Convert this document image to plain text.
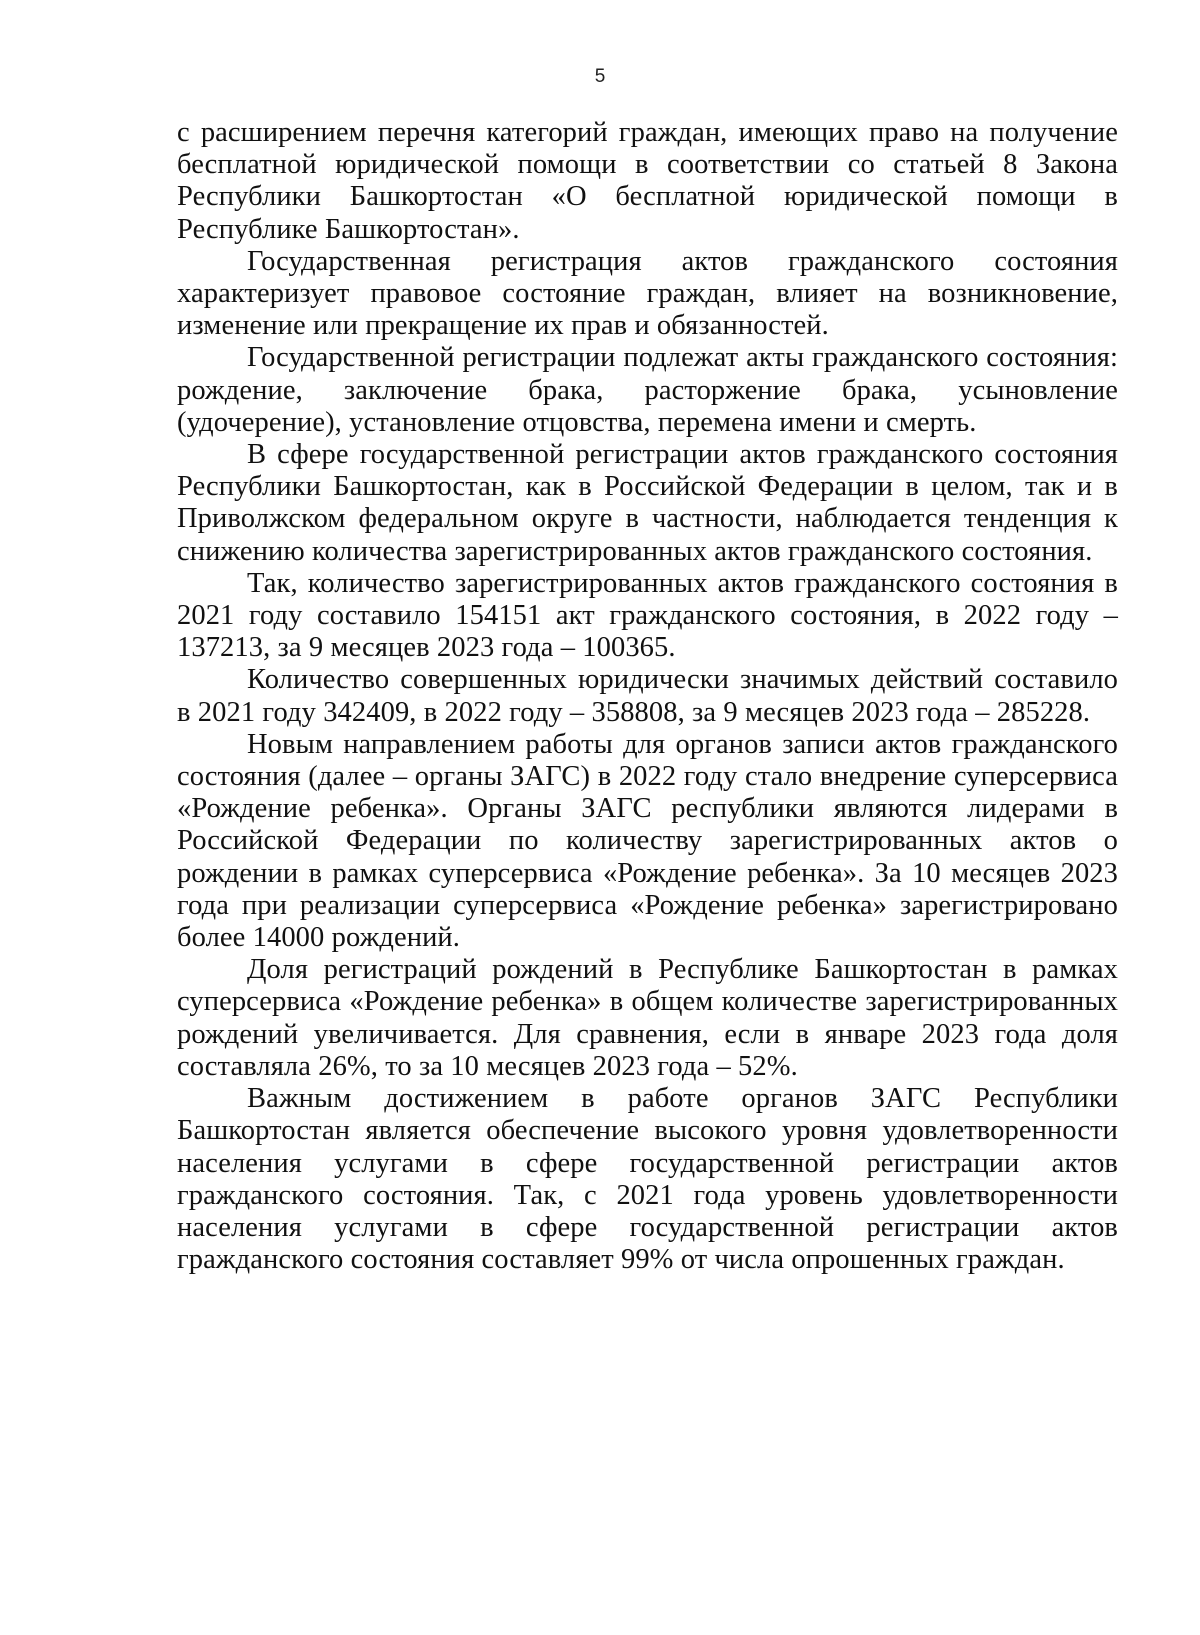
5

с расширением перечня категорий граждан, имеющих право на получение бесплатной юридической помощи в соответствии со статьей 8 Закона Республики Башкортостан «О бесплатной юридической помощи в Республике Башкортостан».

Государственная регистрация актов гражданского состояния характеризует правовое состояние граждан, влияет на возникновение, изменение или прекращение их прав и обязанностей.

Государственной регистрации подлежат акты гражданского состояния: рождение, заключение брака, расторжение брака, усыновление (удочерение), установление отцовства, перемена имени и смерть.

В сфере государственной регистрации актов гражданского состояния Республики Башкортостан, как в Российской Федерации в целом, так и в Приволжском федеральном округе в частности, наблюдается тенденция к снижению количества зарегистрированных актов гражданского состояния.

Так, количество зарегистрированных актов гражданского состояния в 2021 году составило 154151 акт гражданского состояния, в 2022 году – 137213, за 9 месяцев 2023 года – 100365.

Количество совершенных юридически значимых действий составило в 2021 году 342409, в 2022 году – 358808, за 9 месяцев 2023 года – 285228.

Новым направлением работы для органов записи актов гражданского состояния (далее – органы ЗАГС) в 2022 году стало внедрение суперсервиса «Рождение ребенка». Органы ЗАГС республики являются лидерами в Российской Федерации по количеству зарегистрированных актов о рождении в рамках суперсервиса «Рождение ребенка». За 10 месяцев 2023 года при реализации суперсервиса «Рождение ребенка» зарегистрировано более 14000 рождений.

Доля регистраций рождений в Республике Башкортостан в рамках суперсервиса «Рождение ребенка» в общем количестве зарегистрированных рождений увеличивается. Для сравнения, если в январе 2023 года доля составляла 26%, то за 10 месяцев 2023 года – 52%.

Важным достижением в работе органов ЗАГС Республики Башкортостан является обеспечение высокого уровня удовлетворенности населения услугами в сфере государственной регистрации актов гражданского состояния. Так, с 2021 года уровень удовлетворенности населения услугами в сфере государственной регистрации актов гражданского состояния составляет 99% от числа опрошенных граждан.
